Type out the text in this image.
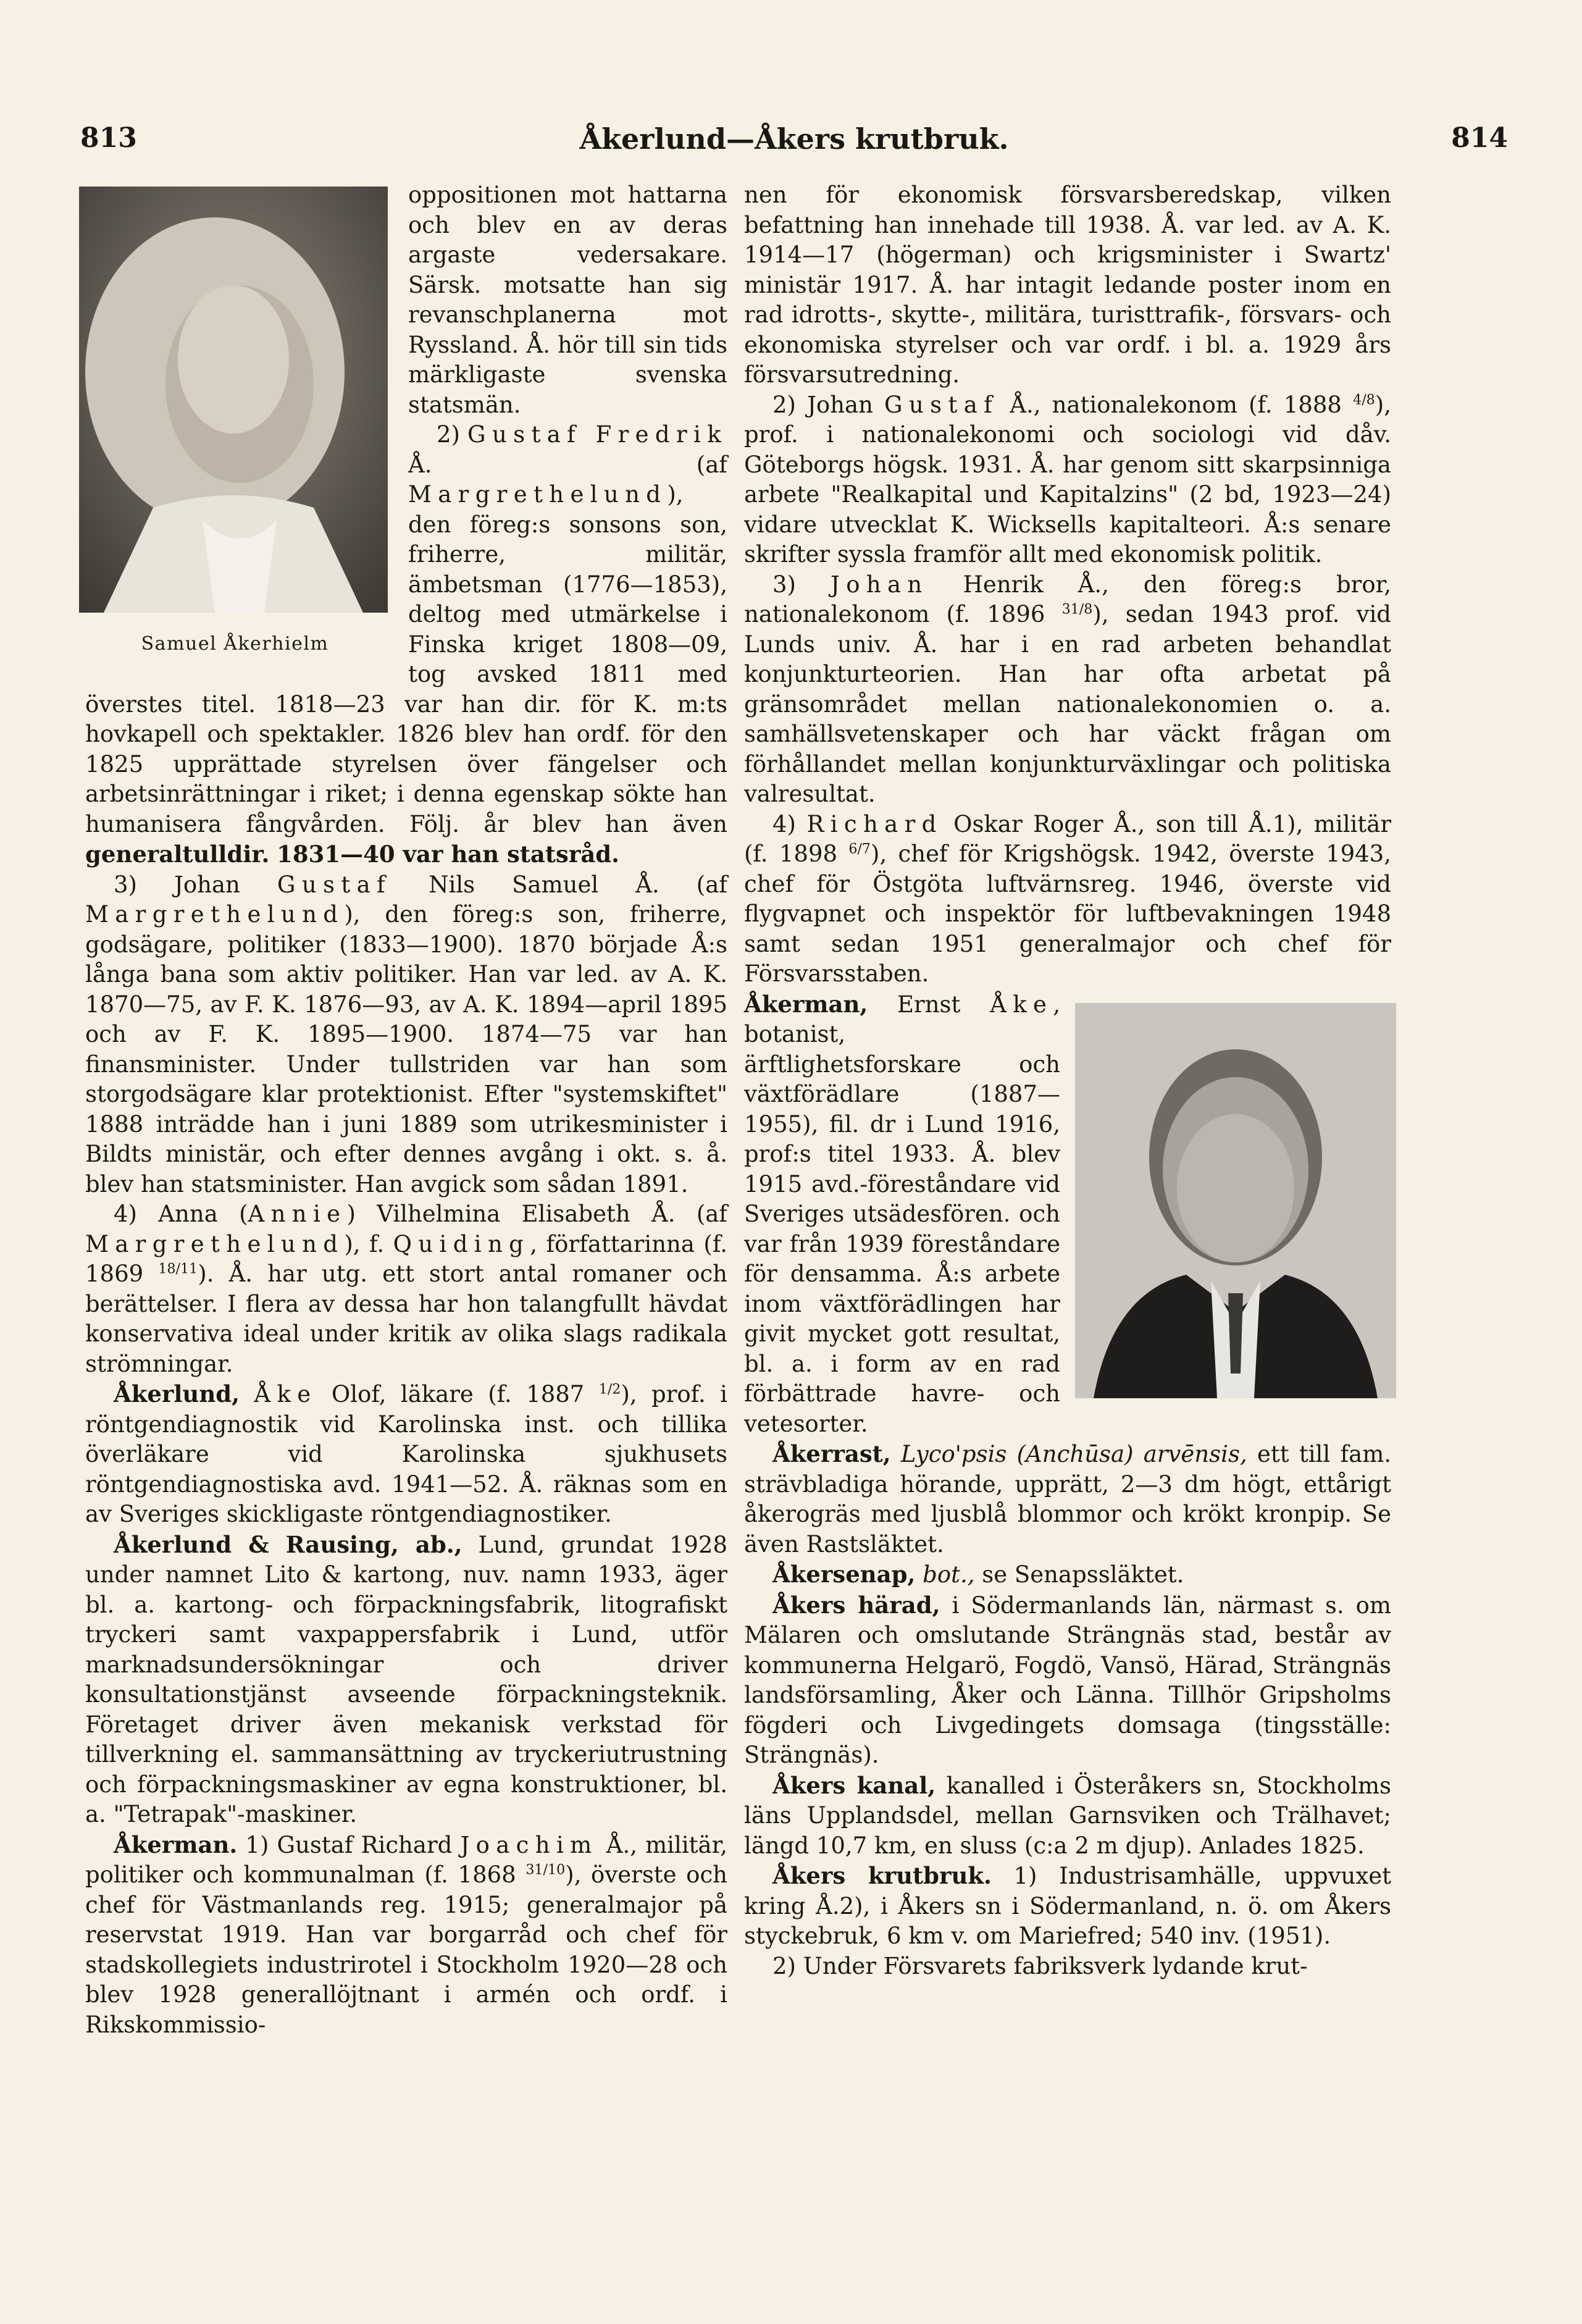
813	Åkerlund—Åkers krutbruk.	814
Samuel Åkerhielm

oppositionen mot hattarna och blev en av deras argaste vedersakare. Särsk. motsatte han sig revanschplanerna mot Ryssland. Å. hör till sin tids märkligaste svenska statsmän.

2) Gustaf Fredrik Å. (af Margrethelund), den föreg:s sonsons son, friherre, militär, ämbetsman (1776—1853), deltog med utmärkelse i Finska kriget 1808—09, tog avsked 1811 med överstes titel. 1818—23 var han dir. för K. m:ts hovkapell och spektakler. 1826 blev han ordf. för den 1825 upprättade styrelsen över fängelser och arbetsinrättningar i riket; i denna egenskap sökte han humanisera fångvården. Följ. år blev han även generaltulldir. 1831—40 var han statsråd.

3) Johan Gustaf Nils Samuel Å. (af Margrethelund), den föreg:s son, friherre, godsägare, politiker (1833—1900). 1870 började Å:s långa bana som aktiv politiker. Han var led. av A. K. 1870—75, av F. K. 1876—93, av A. K. 1894—april 1895 och av F. K. 1895—1900. 1874—75 var han finansminister. Under tullstriden var han som storgodsägare klar protektionist. Efter "systemskiftet" 1888 inträdde han i juni 1889 som utrikesminister i Bildts ministär, och efter dennes avgång i okt. s. å. blev han statsminister. Han avgick som sådan 1891.

4) Anna (Annie) Vilhelmina Elisabeth Å. (af Margrethelund), f. Quiding, författarinna (f. 1869 $^{18/11}$). Å. har utg. ett stort antal romaner och berättelser. I flera av dessa har hon talangfullt hävdat konservativa ideal under kritik av olika slags radikala strömningar.

Åkerlund, Åke Olof, läkare (f. 1887 $^{1/2}$), prof. i röntgendiagnostik vid Karolinska inst. och tillika överläkare vid Karolinska sjukhusets röntgendiagnostiska avd. 1941—52. Å. räknas som en av Sveriges skickligaste röntgendiagnostiker.

Åkerlund & Rausing, ab., Lund, grundat 1928 under namnet Lito & kartong, nuv. namn 1933, äger bl. a. kartong- och förpackningsfabrik, litografiskt tryckeri samt vaxpappersfabrik i Lund, utför marknadsundersökningar och driver konsultationstjänst avseende förpackningsteknik. Företaget driver även mekanisk verkstad för tillverkning el. sammansättning av tryckeriutrustning och förpackningsmaskiner av egna konstruktioner, bl. a. "Tetrapak"-maskiner.

Åkerman. 1) Gustaf Richard Joachim Å., militär, politiker och kommunalman (f. 1868 $^{31/10}$), överste och chef för Västmanlands reg. 1915; generalmajor på reservstat 1919. Han var borgarråd och chef för stadskollegiets industrirotel i Stockholm 1920—28 och blev 1928 generallöjtnant i armén och ordf. i Rikskommissio-

nen för ekonomisk försvarsberedskap, vilken befattning han innehade till 1938. Å. var led. av A. K. 1914—17 (högerman) och krigsminister i Swartz' ministär 1917. Å. har intagit ledande poster inom en rad idrotts-, skytte-, militära, turisttrafik-, försvars- och ekonomiska styrelser och var ordf. i bl. a. 1929 års försvarsutredning.

2) Johan Gustaf Å., nationalekonom (f. 1888 $^{4/8}$), prof. i nationalekonomi och sociologi vid dåv. Göteborgs högsk. 1931. Å. har genom sitt skarpsinniga arbete "Realkapital und Kapitalzins" (2 bd, 1923—24) vidare utvecklat K. Wicksells kapitalteori. Å:s senare skrifter syssla framför allt med ekonomisk politik.

3) Johan Henrik Å., den föreg:s bror, nationalekonom (f. 1896 $^{31/8}$), sedan 1943 prof. vid Lunds univ. Å. har i en rad arbeten behandlat konjunkturteorien. Han har ofta arbetat på gränsområdet mellan nationalekonomien o. a. samhällsvetenskaper och har väckt frågan om förhållandet mellan konjunkturväxlingar och politiska valresultat.

4) Richard Oskar Roger Å., son till Å.1), militär (f. 1898 $^{6/7}$), chef för Krigshögsk. 1942, överste 1943, chef för Östgöta luftvärnsreg. 1946, överste vid flygvapnet och inspektör för luftbevakningen 1948 samt sedan 1951 generalmajor och chef för Försvarsstaben.

Åkerman, Ernst Åke, botanist, ärftlighetsforskare och växtförädlare (1887—1955), fil. dr i Lund 1916, prof:s titel 1933. Å. blev 1915 avd.-föreståndare vid Sveriges utsädesfören. och var från 1939 föreståndare för densamma. Å:s arbete inom växtförädlingen har givit mycket gott resultat, bl. a. i form av en rad förbättrade havre- och vetesorter.

Åkerrast, Lyco'psis (Anchūsa) arvēnsis, ett till fam. strävbladiga hörande, upprätt, 2—3 dm högt, ettårigt åkerogräs med ljusblå blommor och krökt kronpip. Se även Rastsläktet.

Åkersenap, bot., se Senapssläktet.

Åkers härad, i Södermanlands län, närmast s. om Mälaren och omslutande Strängnäs stad, består av kommunerna Helgarö, Fogdö, Vansö, Härad, Strängnäs landsförsamling, Åker och Länna. Tillhör Gripsholms fögderi och Livgedingets domsaga (tingsställe: Strängnäs).

Åkers kanal, kanalled i Österåkers sn, Stockholms läns Upplandsdel, mellan Garnsviken och Trälhavet; längd 10,7 km, en sluss (c:a 2 m djup). Anlades 1825.

Åkers krutbruk. 1) Industrisamhälle, uppvuxet kring Å.2), i Åkers sn i Södermanland, n. ö. om Åkers styckebruk, 6 km v. om Mariefred; 540 inv. (1951).

2) Under Försvarets fabriksverk lydande krut-
